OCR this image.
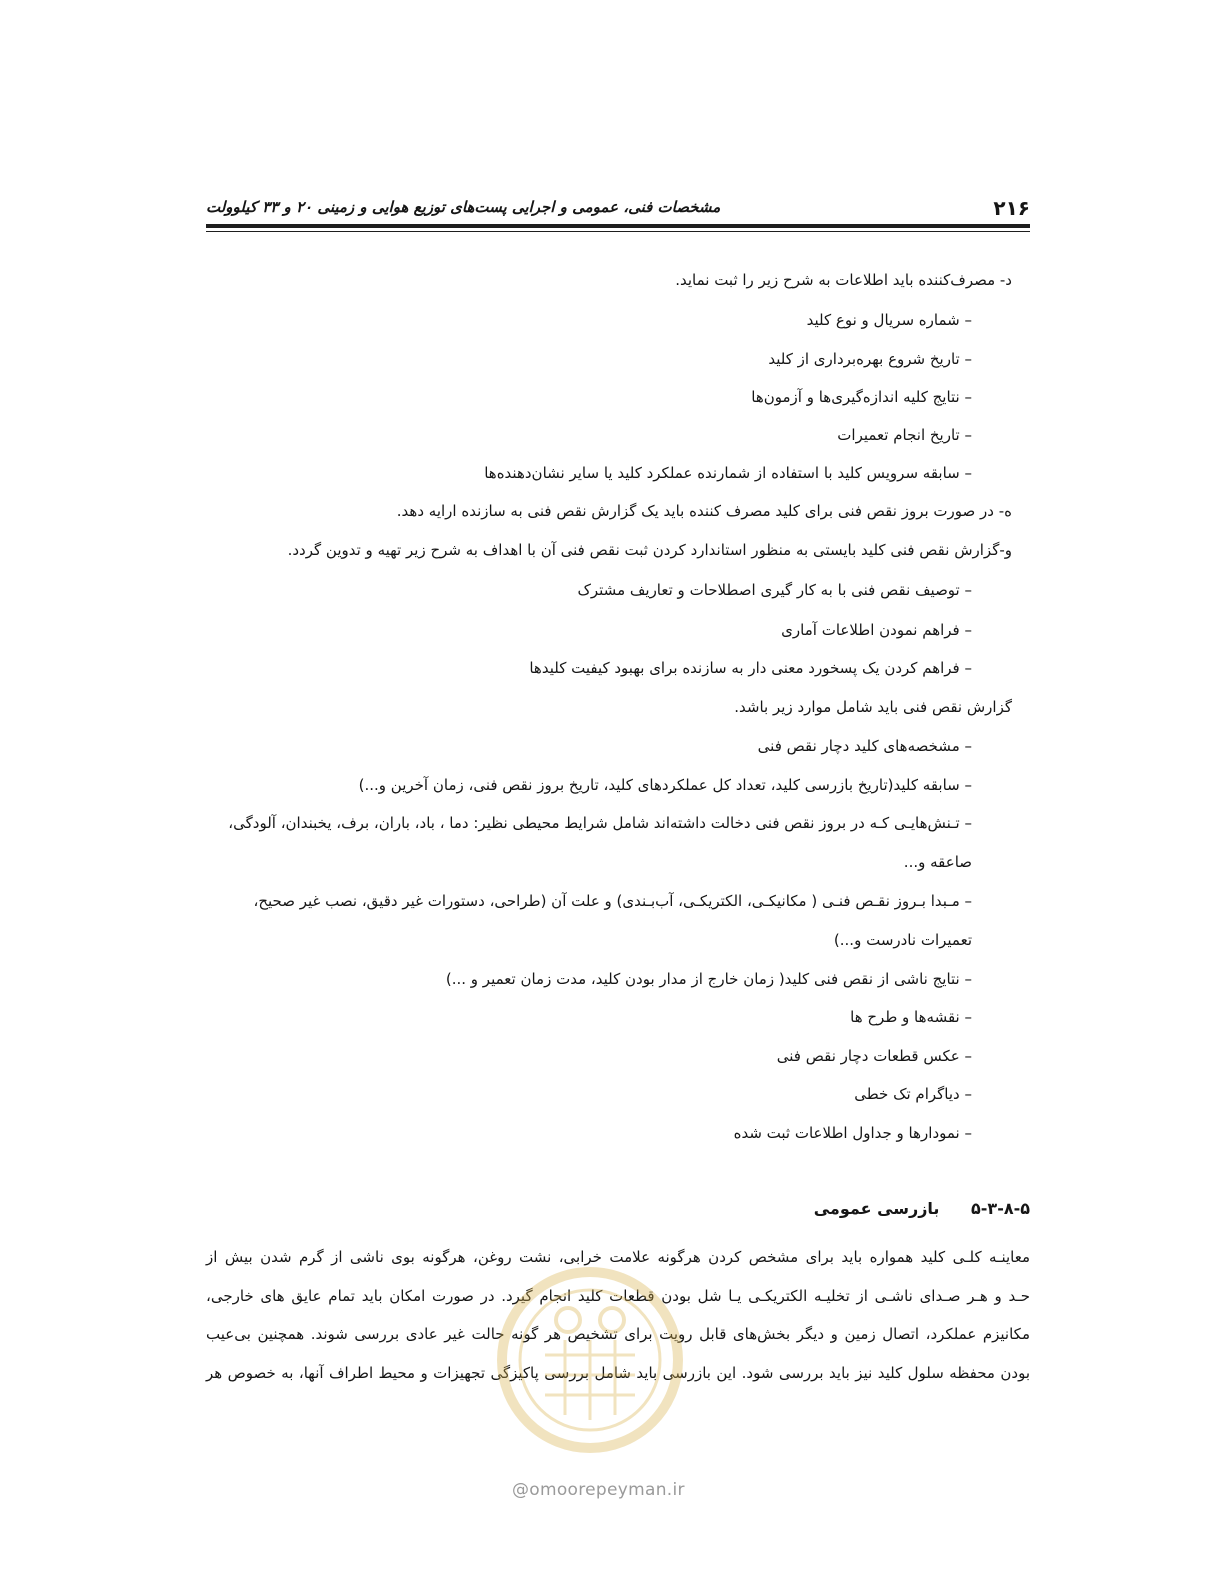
۲۱۶
مشخصات فنی، عمومی و اجرایی پست‌های توزیع هوایی و زمینی ۲۰ و ۳۳ کیلوولت
د- مصرف‌کننده باید اطلاعات به شرح زیر را ثبت نماید.
– شماره سریال و نوع کلید
– تاریخ شروع بهره‌برداری از کلید
– نتایج کلیه اندازه‌گیری‌ها و آزمون‌ها
– تاریخ انجام تعمیرات
– سابقه سرویس کلید با استفاده از شمارنده عملکرد کلید یا سایر نشان‌دهنده‌ها
ه- در صورت بروز نقص فنی برای کلید مصرف کننده باید یک گزارش نقص فنی به سازنده ارایه دهد.
و-گزارش نقص فنی کلید بایستی به منظور استاندارد کردن ثبت نقص فنی آن با اهداف به شرح زیر تهیه و تدوین گردد.
– توصیف نقص فنی با به کار گیری اصطلاحات و تعاریف مشترک
– فراهم نمودن اطلاعات آماری
– فراهم کردن یک پسخورد معنی دار به سازنده برای بهبود کیفیت کلیدها
گزارش نقص فنی باید شامل موارد زیر باشد.
– مشخصه‌های کلید دچار نقص فنی
– سابقه کلید(تاریخ بازرسی کلید، تعداد کل عملکردهای کلید، تاریخ بروز نقص فنی، زمان آخرین و...)
– تـنش‌هایـی کـه در بروز نقص فنی دخالت داشته‌اند شامل شرایط محیطی نظیر: دما ، باد، باران، برف، یخبندان، آلودگی،
صاعقه و...
– مـبدا بـروز نقـص فنـی ( مکانیکـی، الکتریکـی، آب‌بـندی) و علت آن (طراحی، دستورات غیر دقیق، نصب غیر صحیح،
تعمیرات نادرست و...)
– نتایج ناشی از نقص فنی کلید( زمان خارج از مدار بودن کلید، مدت زمان تعمیر و ...)
– نقشه‌ها و طرح ها
– عکس قطعات دچار نقص فنی
– دیاگرام تک خطی
– نمودارها و جداول اطلاعات ثبت شده
۵-۳-۸-۵ بازرسی عمومی
معاینـه کلـی کلید همواره باید برای مشخص کردن هرگونه علامت خرابی، نشت روغن، هرگونه بوی ناشی از گرم شدن بیش از
حـد و هـر صـدای ناشـی از تخلیـه الکتریکـی یـا شل بودن قطعات کلید انجام گیرد. در صورت امکان باید تمام عایق های خارجی،
مکانیزم عملکرد، اتصال زمین و دیگر بخش‌های قابل رویت برای تشخیص هر گونه حالت غیر عادی بررسی شوند. همچنین بی‌عیب
بودن محفظه سلول کلید نیز باید بررسی شود. این بازرسی باید شامل بررسی پاکیزگی تجهیزات و محیط اطراف آنها، به خصوص هر
@omoorepeyman.ir
